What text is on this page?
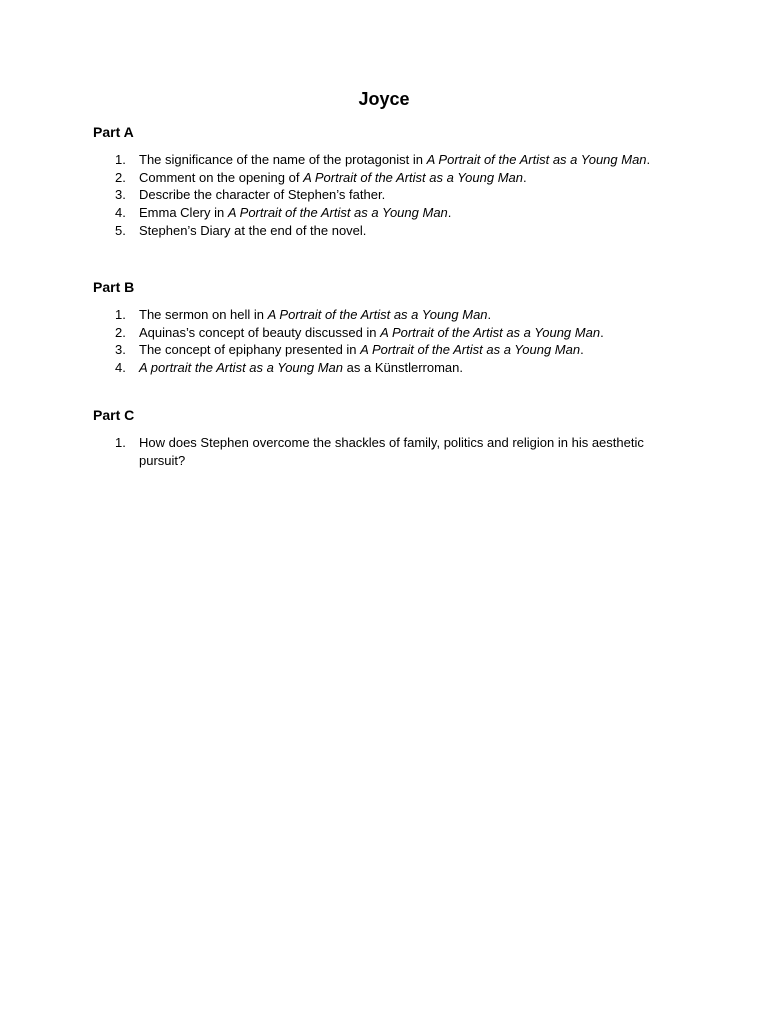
Joyce
Part A
1. The significance of the name of the protagonist in A Portrait of the Artist as a Young Man.
2. Comment on the opening of A Portrait of the Artist as a Young Man.
3. Describe the character of Stephen’s father.
4. Emma Clery in A Portrait of the Artist as a Young Man.
5. Stephen’s Diary at the end of the novel.
Part B
1. The sermon on hell in A Portrait of the Artist as a Young Man.
2. Aquinas’s concept of beauty discussed in A Portrait of the Artist as a Young Man.
3. The concept of epiphany presented in A Portrait of the Artist as a Young Man.
4. A portrait the Artist as a Young Man as a Künstlerroman.
Part C
1. How does Stephen overcome the shackles of family, politics and religion in his aesthetic pursuit?
